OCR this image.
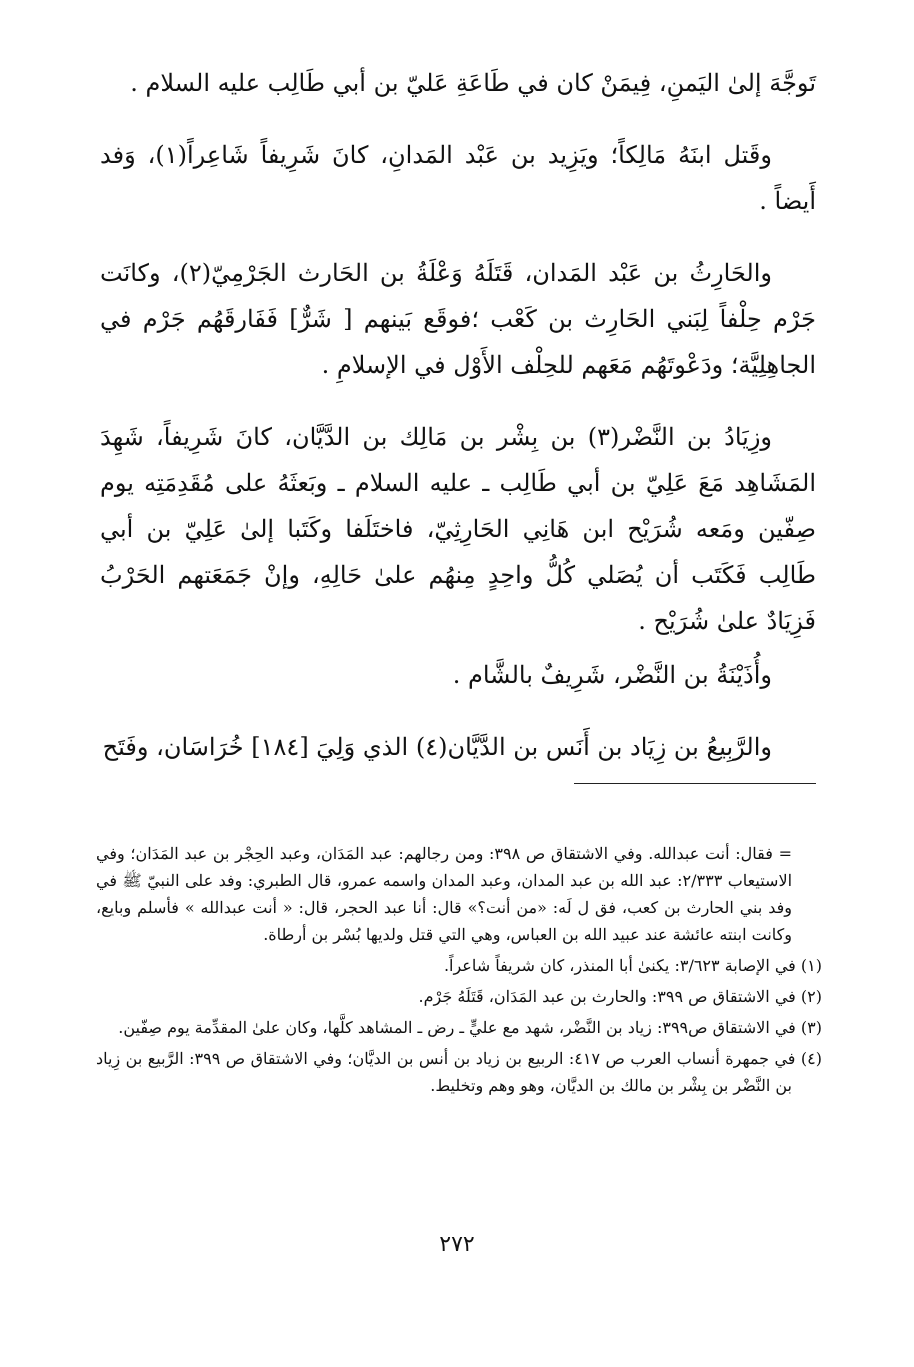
تَوجَّهَ إلىٰ اليَمنِ، فِيمَنْ كان في طَاعَةِ عَليّ بن أبي طَالِب عليه السلام .

وقَتل ابنَهُ مَالِكاً؛ ويَزِيد بن عَبْد المَدانِ، كانَ شَرِيفاً شَاعِراً(١)، وَفد أَيضاً .

والحَارِثُ بن عَبْد المَدان، قَتَلَهُ وَعْلَةُ بن الحَارث الجَرْمِيّ(٢)، وكانَت جَرْم حِلْفاً لِبَني الحَارِث بن كَعْب ؛فوقَع بَينهم [ شَرٌّ] فَفَارقَهُم جَرْم في الجاهِلِيَّة؛ ودَعْوتَهُم مَعَهم للحِلْف الأَوْل في الإسلامِ .

وزِيَادُ بن النَّضْر(٣) بن بِشْر بن مَالِك بن الدَّيَّان، كانَ شَرِيفاً، شَهِدَ المَشَاهِد مَعَ عَلِيّ بن أبي طَالِب ـ عليه السلام ـ وبَعثَهُ على مُقَدِمَتِه يوم صِفّين ومَعه شُرَيْح ابن هَانِي الحَارِثِيّ، فاختَلَفا وكَتَبا إلىٰ عَلِيّ بن أبي طَالِب فَكَتَب أن يُصَلي كُلُّ واحِدٍ مِنهُم علىٰ حَالِهِ، وإنْ جَمَعَتهم الحَرْبُ فَزِيَادٌ علىٰ شُرَيْح .

وأُذَيْنَةُ بن النَّضْر، شَرِيفٌ بالشَّام .

والرَّبِيعُ بن زِيَاد بن أَنَس بن الدَّيَّان(٤) الذي وَلِيَ [١٨٤] خُرَاسَان، وفَتَح

= فقال: أنت عبدالله. وفي الاشتقاق ص ٣٩٨: ومن رجالهم: عبد المَدَان، وعبد الحِجْر بن عبد المَدَان؛ وفي الاستيعاب ٢/٣٣٣: عبد الله بن عبد المدان، وعبد المدان واسمه عمرو، قال الطبري: وفد على النبيّ ﷺ في وفد بني الحارث بن كعب، فق ل لَه: «من أنت؟» قال: أنا عبد الحجر، قال: « أنت عبدالله » فأسلم وبايع، وكانت ابنته عائشة عند عبيد الله بن العباس، وهي التي قتل ولديها بُسْر بن أرطاة.

(١) في الإصابة ٣/٦٢٣: يكنىٰ أبا المنذر، كان شريفاً شاعراً.

(٢) في الاشتقاق ص ٣٩٩: والحارث بن عبد المَدَان، قَتَلَهُ جَرْم.

(٣) في الاشتقاق ص٣٩٩: زياد بن النَّضْر، شهد مع عليٍّ ـ رض ـ المشاهد كلَّها، وكان علىٰ المقدِّمة يوم صِفّين.

(٤) في جمهرة أنساب العرب ص ٤١٧: الربيع بن زياد بن أنس بن الديَّان؛ وفي الاشتقاق ص ٣٩٩: الرَّبيع بن زِياد بن النَّضْر بن بِشْر بن مالك بن الديَّان، وهو وهم وتخليط.

٢٧٢
